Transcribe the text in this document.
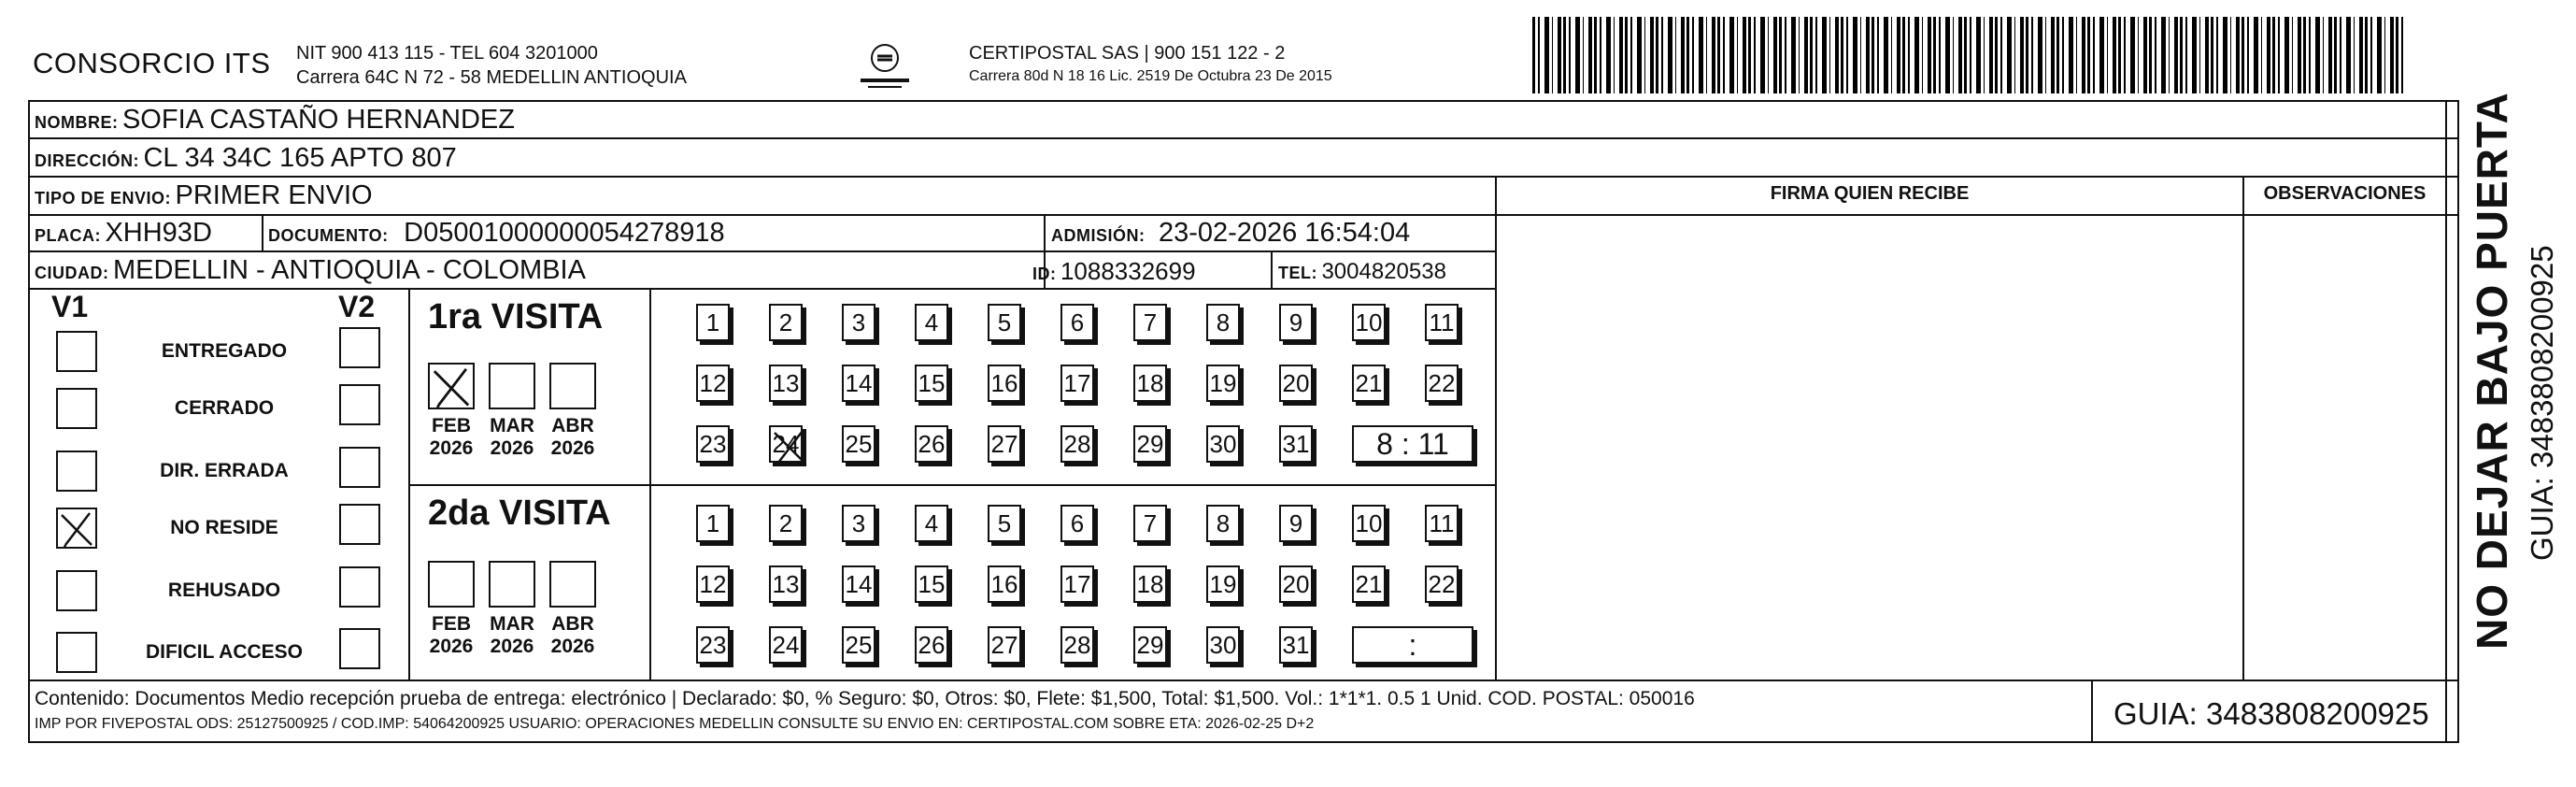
CONSORCIO ITS NIT 900 413 115 - TEL 604 3201000
Carrera 64C N 72 - 58 MEDELLIN ANTIOQUIA
CERTIPOSTAL SAS | 900 151 122 - 2
Carrera 80d N 18 16 Lic. 2519 De Octubra 23 De 2015
NOMBRE: SOFIA CASTAÑO HERNANDEZ
DIRECCIÓN: CL 34 34C 165 APTO 807
TIPO DE ENVIO: PRIMER ENVIO
PLACA: XHH93D	DOCUMENTO: D05001000000054278918	ADMISIÓN: 23-02-2026 16:54:04
CIUDAD: MEDELLIN - ANTIOQUIA - COLOMBIA	ID: 1088332699	TEL: 3004820538
FIRMA QUIEN RECIBE	OBSERVACIONES
V1	V2
ENTREGADO
CERRADO
DIR. ERRADA
NO RESIDE
REHUSADO
DIFICIL ACCESO
1ra VISITA
FEB
2026
MAR
2026
ABR
2026
1	2	3	4	5	6	7	8	9	10 11
12 13 14 15 16 17 18 19 20 21 22
23 24 25 26 27 28 29 30 31	8 : 11
2da VISITA
FEB
2026
MAR
2026
ABR
2026
1	2	3	4	5	6	7	8	9	10 11
12 13 14 15 16 17 18 19 20 21 22
23 24 25 26 27 28 29 30 31	:
Contenido: Documentos Medio recepción prueba de entrega: electrónico | Declarado: $0, % Seguro: $0, Otros: $0, Flete: $1,500, Total: $1,500. Vol.: 1*1*1. 0.5 1 Unid. COD. POSTAL: 050016
IMP POR FIVEPOSTAL ODS: 25127500925 / COD.IMP: 54064200925 USUARIO: OPERACIONES MEDELLIN CONSULTE SU ENVIO EN: CERTIPOSTAL.COM SOBRE ETA: 2026-02-25 D+2	GUIA: 3483808200925
NO DEJAR BAJO PUERTA GUIA: 3483808200925
